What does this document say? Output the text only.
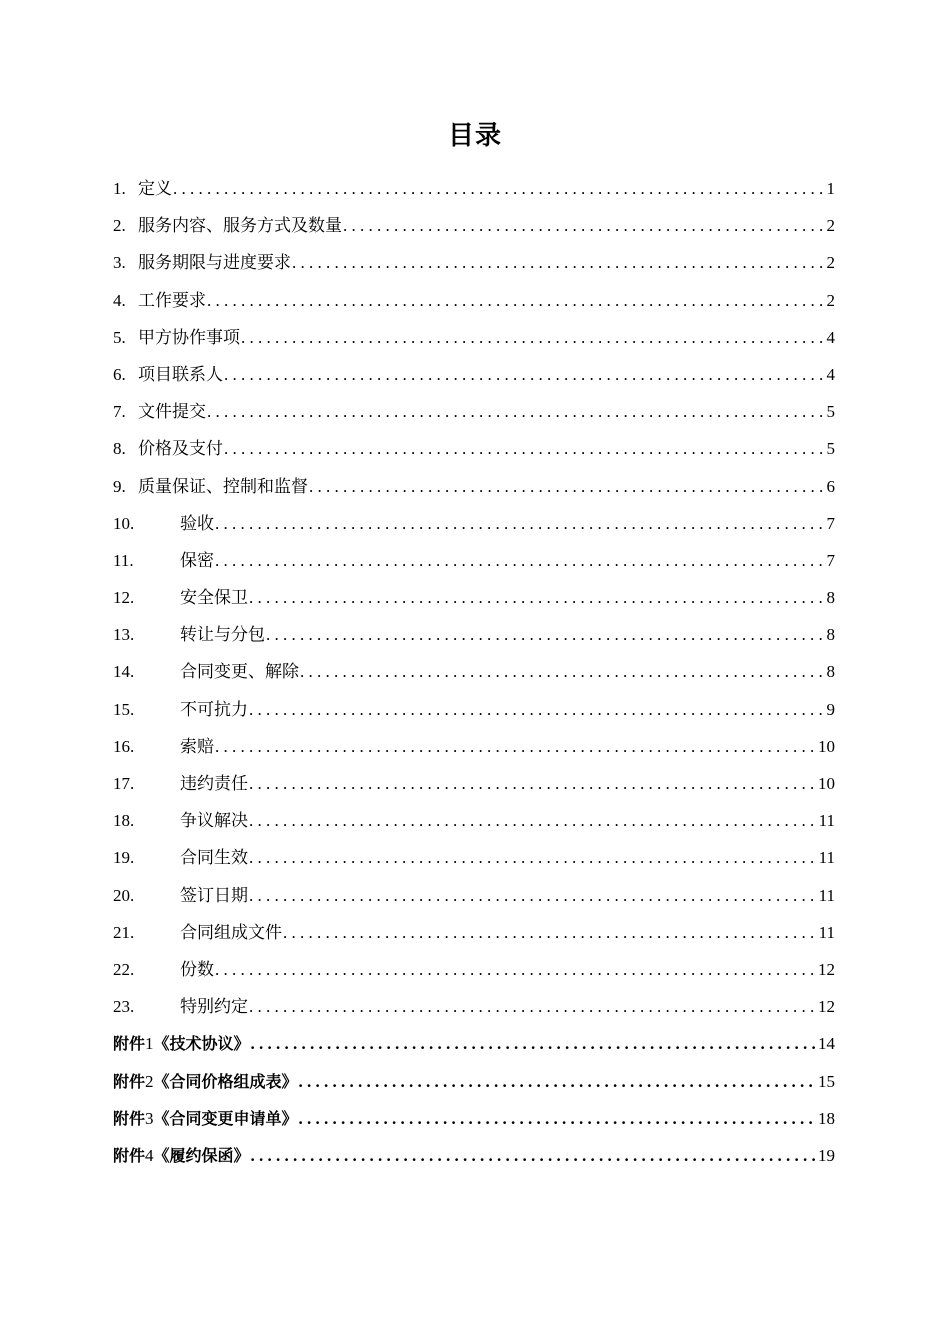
目录
1. 定义 . . .	1
2. 服务内容、服务方式及数量 . . .	2
3. 服务期限与进度要求 . . .	2
4. 工作要求 . . .	2
5. 甲方协作事项 . . .	4
6. 项目联系人 . . .	4
7. 文件提交 . . .	5
8. 价格及支付 . . .	5
9. 质量保证、控制和监督 . . .	6
10.	验收 . . .	7
11.	保密 . . .	7
12.	安全保卫 . . .	8
13.	转让与分包 . . .	8
14.	合同变更、解除 . . .	8
15.	不可抗力 . . .	9
16.	索赔 . . .	10
17.	违约责任 . . .	10
18.	争议解决 . . .	11
19.	合同生效 . . .	11
20.	签订日期 . . .	11
21.	合同组成文件 . . .	11
22.	份数 . . .	12
23.	特别约定 . . .	12
附件 1 《技术协议》 . . .	14
附件 2 《合同价格组成表》 . . .	15
附件 3 《合同变更申请单》 . . .	18
附件 4 《履约保函》 . . .	19
